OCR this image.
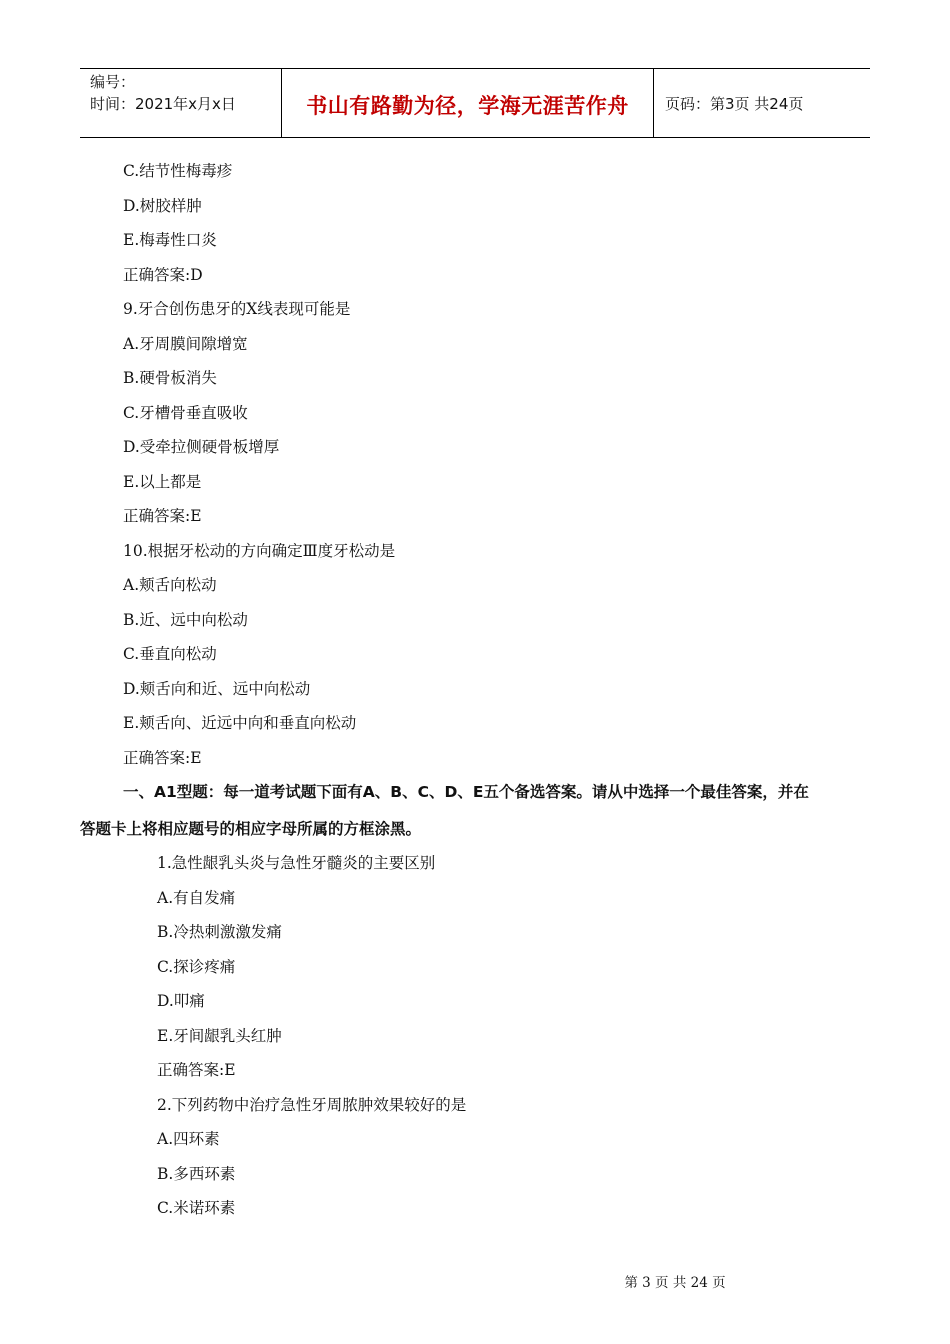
编号：
时间：2021年x月x日	书山有路勤为径，学海无涯苦作舟 页码：第3页 共24页
C.结节性梅毒疹
D.树胶样肿
E.梅毒性口炎
正确答案:D
9.牙合创伤患牙的X线表现可能是
A.牙周膜间隙增宽
B.硬骨板消失
C.牙槽骨垂直吸收
D.受牵拉侧硬骨板增厚
E.以上都是
正确答案:E
10.根据牙松动的方向确定Ⅲ度牙松动是
A.颊舌向松动
B.近、远中向松动
C.垂直向松动
D.颊舌向和近、远中向松动
E.颊舌向、近远中向和垂直向松动
正确答案:E
一、A1型题：每一道考试题下面有A、B、C、D、E五个备选答案。请从中选择一个最佳答案，并在
答题卡上将相应题号的相应字母所属的方框涂黑。
1.急性龈乳头炎与急性牙髓炎的主要区别
A.有自发痛
B.冷热刺激激发痛
C.探诊疼痛
D.叩痛
E.牙间龈乳头红肿
正确答案:E
2.下列药物中治疗急性牙周脓肿效果较好的是
A.四环素
B.多西环素
C.米诺环素
第 3 页 共 24 页
